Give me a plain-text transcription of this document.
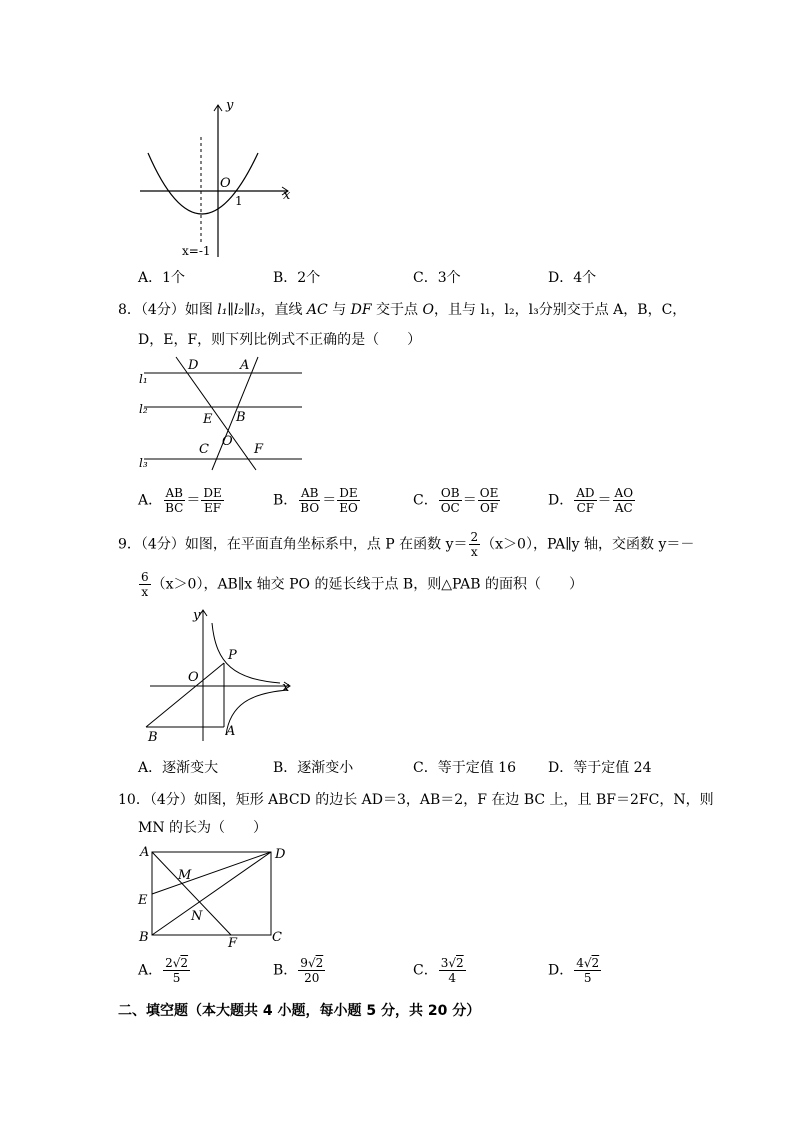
y
x
O
1
x=-1
A．1个	B．2个	C．3个	D．4个
8．（4分）如图 l₁∥l₂∥l₃，直线 AC 与 DF 交于点 O，且与 l₁，l₂，l₃分别交于点 A，B，C，
D，E，F，则下列比例式不正确的是（　　）
l₁
l₂
l₃
D	A
E B
C
O
F
A． $\frac{AB}{BC} = \frac{DE}{EF}$	B． $\frac{AB}{BO} = \frac{DE}{EO}$	C． $\frac{OB}{OC} = \frac{OE}{OF}$	D． $\frac{AD}{CF} = \frac{AO}{AC}$
9．（4分）如图，在平面直角坐标系中，点 P 在函数 $y= \frac{2}{x} (x>0)$，PA∥y 轴，交函数 y＝－
$\frac{6}{x} (x>0)$，AB∥x 轴交 PO 的延长线于点 B，则△PAB 的面积（　　）
y
x
O
P
B	A
A．逐渐变大	B．逐渐变小	C．等于定值 16 D．等于定值 24
10．（4分）如图，矩形 ABCD 的边长 AD＝3，AB＝2，F 在边 BC 上，且 BF＝2FC，N，则
MN 的长为（　　）
A	D
M
E
N
B	F	C
A． $\frac{2√2}{5}$	B． $\frac{9√2}{20}$	C． $\frac{3√2}{4}$	D． $\frac{4√2}{5}$
二、填空题（本大题共 4 小题，每小题 5 分，共 20 分）
